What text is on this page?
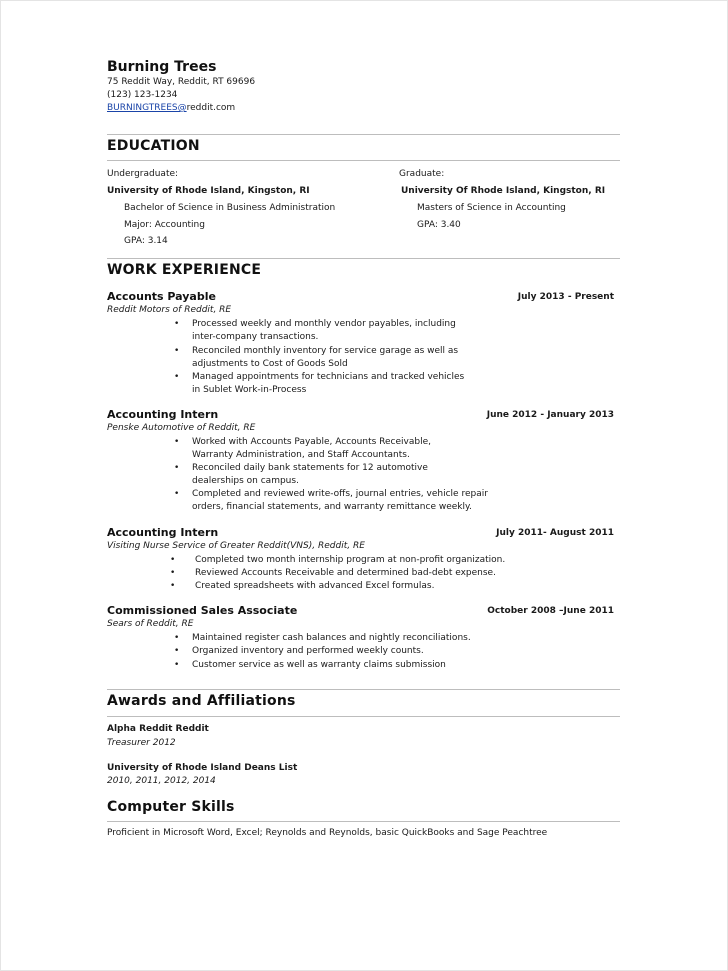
Burning Trees
75 Reddit Way, Reddit, RT 69696
(123) 123-1234
BURNINGTREES@reddit.com
EDUCATION
Undergraduate:
University of Rhode Island, Kingston, RI
Bachelor of Science in Business Administration
Major: Accounting
GPA: 3.14
Graduate:
University Of Rhode Island, Kingston, RI
Masters of Science in Accounting
GPA: 3.40
WORK EXPERIENCE
Accounts Payable	July 2013 - Present
Reddit Motors of Reddit, RE
• Processed weekly and monthly vendor payables, including
inter-company transactions.
• Reconciled monthly inventory for service garage as well as
adjustments to Cost of Goods Sold
• Managed appointments for technicians and tracked vehicles
in Sublet Work-in-Process
Accounting Intern	June 2012 - January 2013
Penske Automotive of Reddit, RE
• Worked with Accounts Payable, Accounts Receivable,
Warranty Administration, and Staff Accountants.
• Reconciled daily bank statements for 12 automotive
dealerships on campus.
• Completed and reviewed write-offs, journal entries, vehicle repair
orders, financial statements, and warranty remittance weekly.
Accounting Intern	July 2011- August 2011
Visiting Nurse Service of Greater Reddit(VNS), Reddit, RE
• Completed two month internship program at non-profit organization.
• Reviewed Accounts Receivable and determined bad-debt expense.
• Created spreadsheets with advanced Excel formulas.
Commissioned Sales Associate	October 2008 –June 2011
Sears of Reddit, RE
• Maintained register cash balances and nightly reconciliations.
• Organized inventory and performed weekly counts.
• Customer service as well as warranty claims submission
Awards and Affiliations
Alpha Reddit Reddit
Treasurer 2012
University of Rhode Island Deans List
2010, 2011, 2012, 2014
Computer Skills
Proficient in Microsoft Word, Excel; Reynolds and Reynolds, basic QuickBooks and Sage Peachtree
